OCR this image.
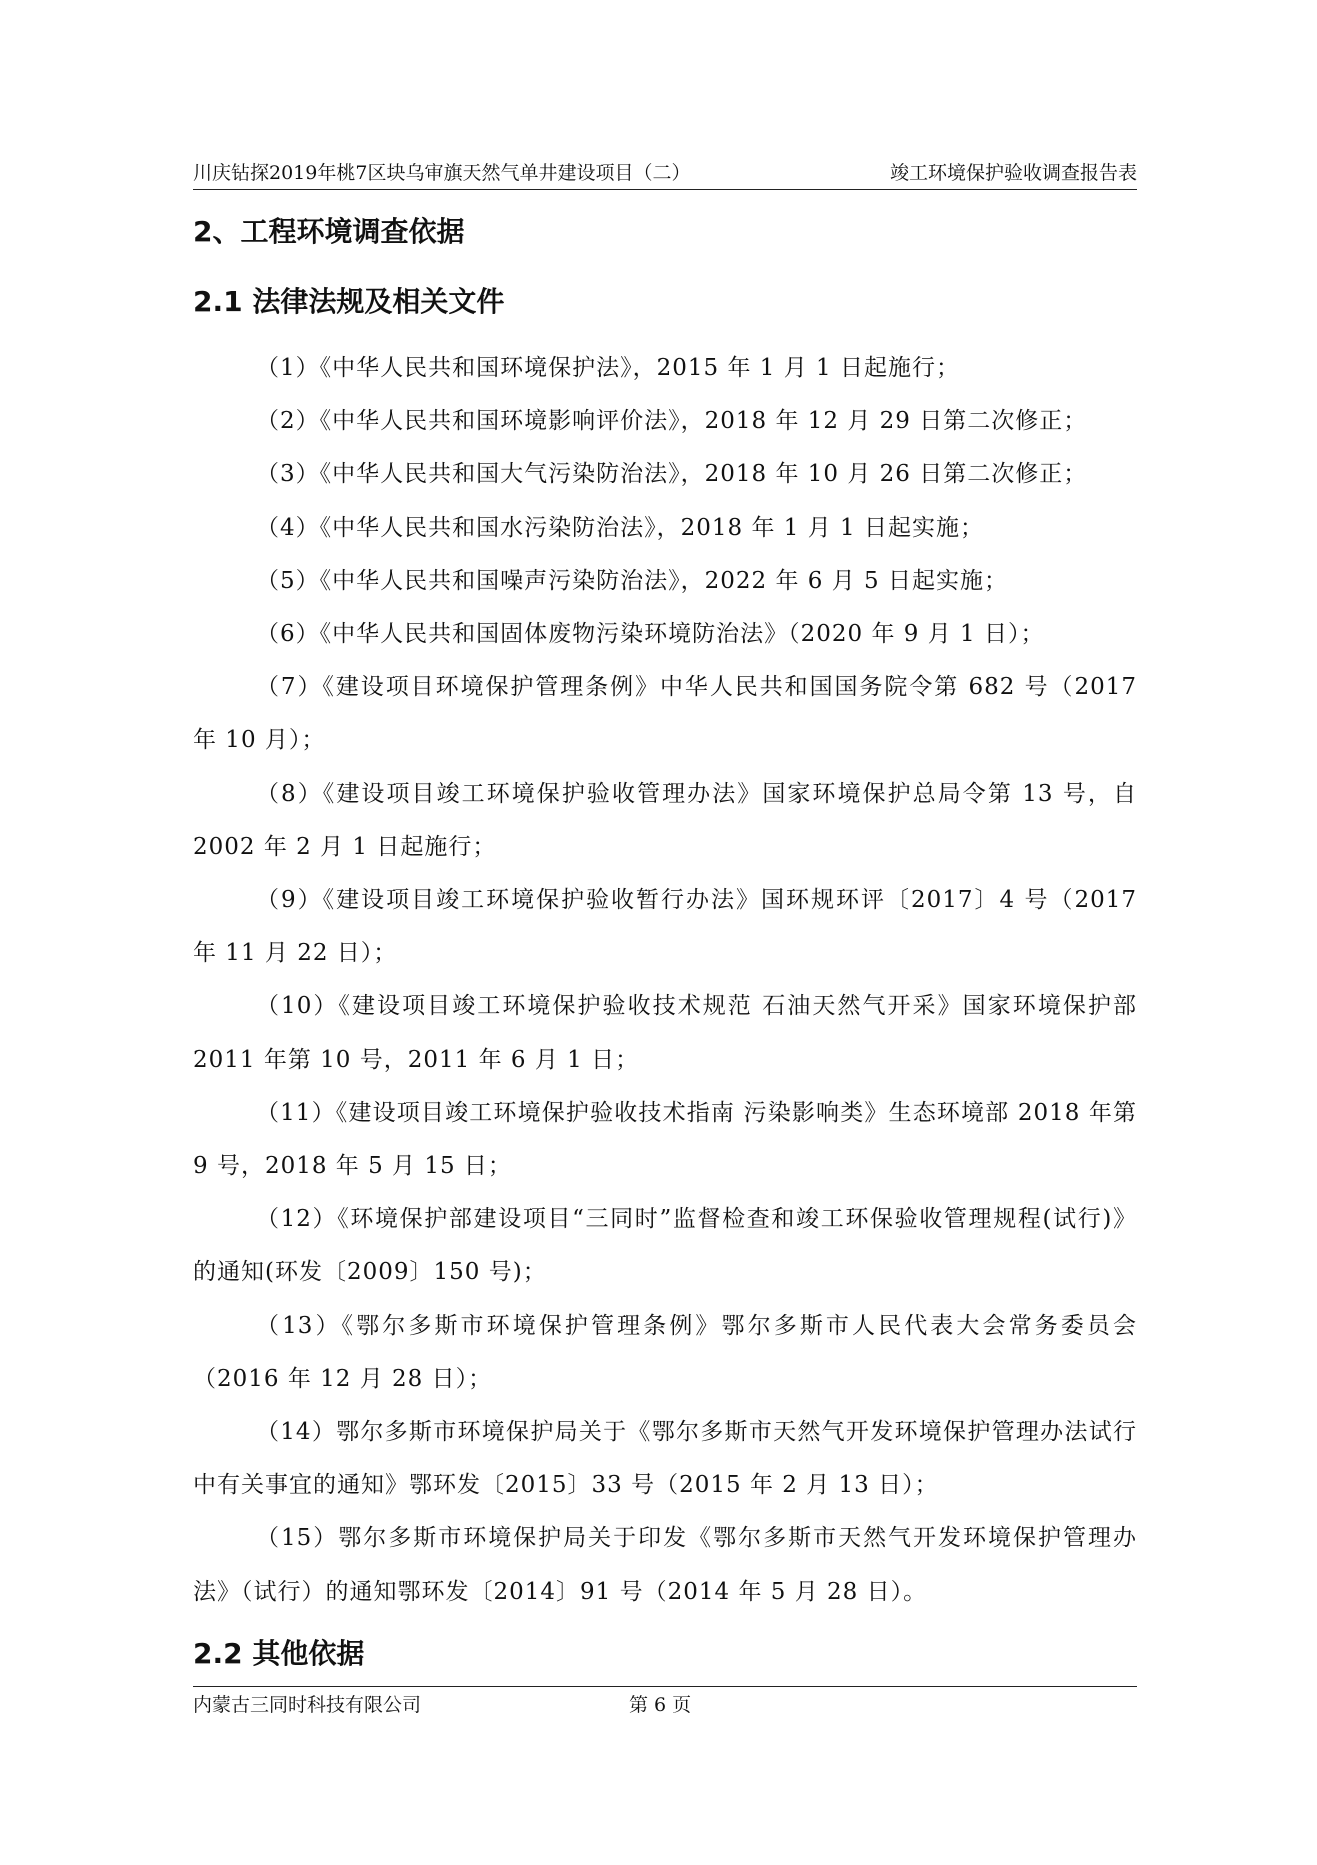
川庆钻探2019年桃7区块乌审旗天然气单井建设项目（二）	竣工环境保护验收调查报告表
2、工程环境调查依据
2.1 法律法规及相关文件

（1）《中华人民共和国环境保护法》，2015 年 1 月 1 日起施行；

（2）《中华人民共和国环境影响评价法》，2018 年 12 月 29 日第二次修正；

（3）《中华人民共和国大气污染防治法》，2018 年 10 月 26 日第二次修正；

（4）《中华人民共和国水污染防治法》，2018 年 1 月 1 日起实施；

（5）《中华人民共和国噪声污染防治法》，2022 年 6 月 5 日起实施；

（6）《中华人民共和国固体废物污染环境防治法》（2020 年 9 月 1 日）；

（7）《建设项目环境保护管理条例》中华人民共和国国务院令第 682 号（2017 年 10 月）；

（8）《建设项目竣工环境保护验收管理办法》国家环境保护总局令第 13 号，自 2002 年 2 月 1 日起施行；

（9）《建设项目竣工环境保护验收暂行办法》国环规环评〔2017〕4 号（2017 年 11 月 22 日）；

（10）《建设项目竣工环境保护验收技术规范 石油天然气开采》国家环境保护部 2011 年第 10 号，2011 年 6 月 1 日；

（11）《建设项目竣工环境保护验收技术指南 污染影响类》生态环境部 2018 年第 9 号，2018 年 5 月 15 日；

（12）《环境保护部建设项目“三同时”监督检查和竣工环保验收管理规程(试行)》的通知(环发〔2009〕150 号)；

（13）《鄂尔多斯市环境保护管理条例》鄂尔多斯市人民代表大会常务委员会（2016 年 12 月 28 日）；

（14）鄂尔多斯市环境保护局关于《鄂尔多斯市天然气开发环境保护管理办法试行中有关事宜的通知》鄂环发〔2015〕33 号（2015 年 2 月 13 日）；

（15）鄂尔多斯市环境保护局关于印发《鄂尔多斯市天然气开发环境保护管理办法》（试行）的通知鄂环发〔2014〕91 号（2014 年 5 月 28 日）。

2.2 其他依据
内蒙古三同时科技有限公司	第 6 页
